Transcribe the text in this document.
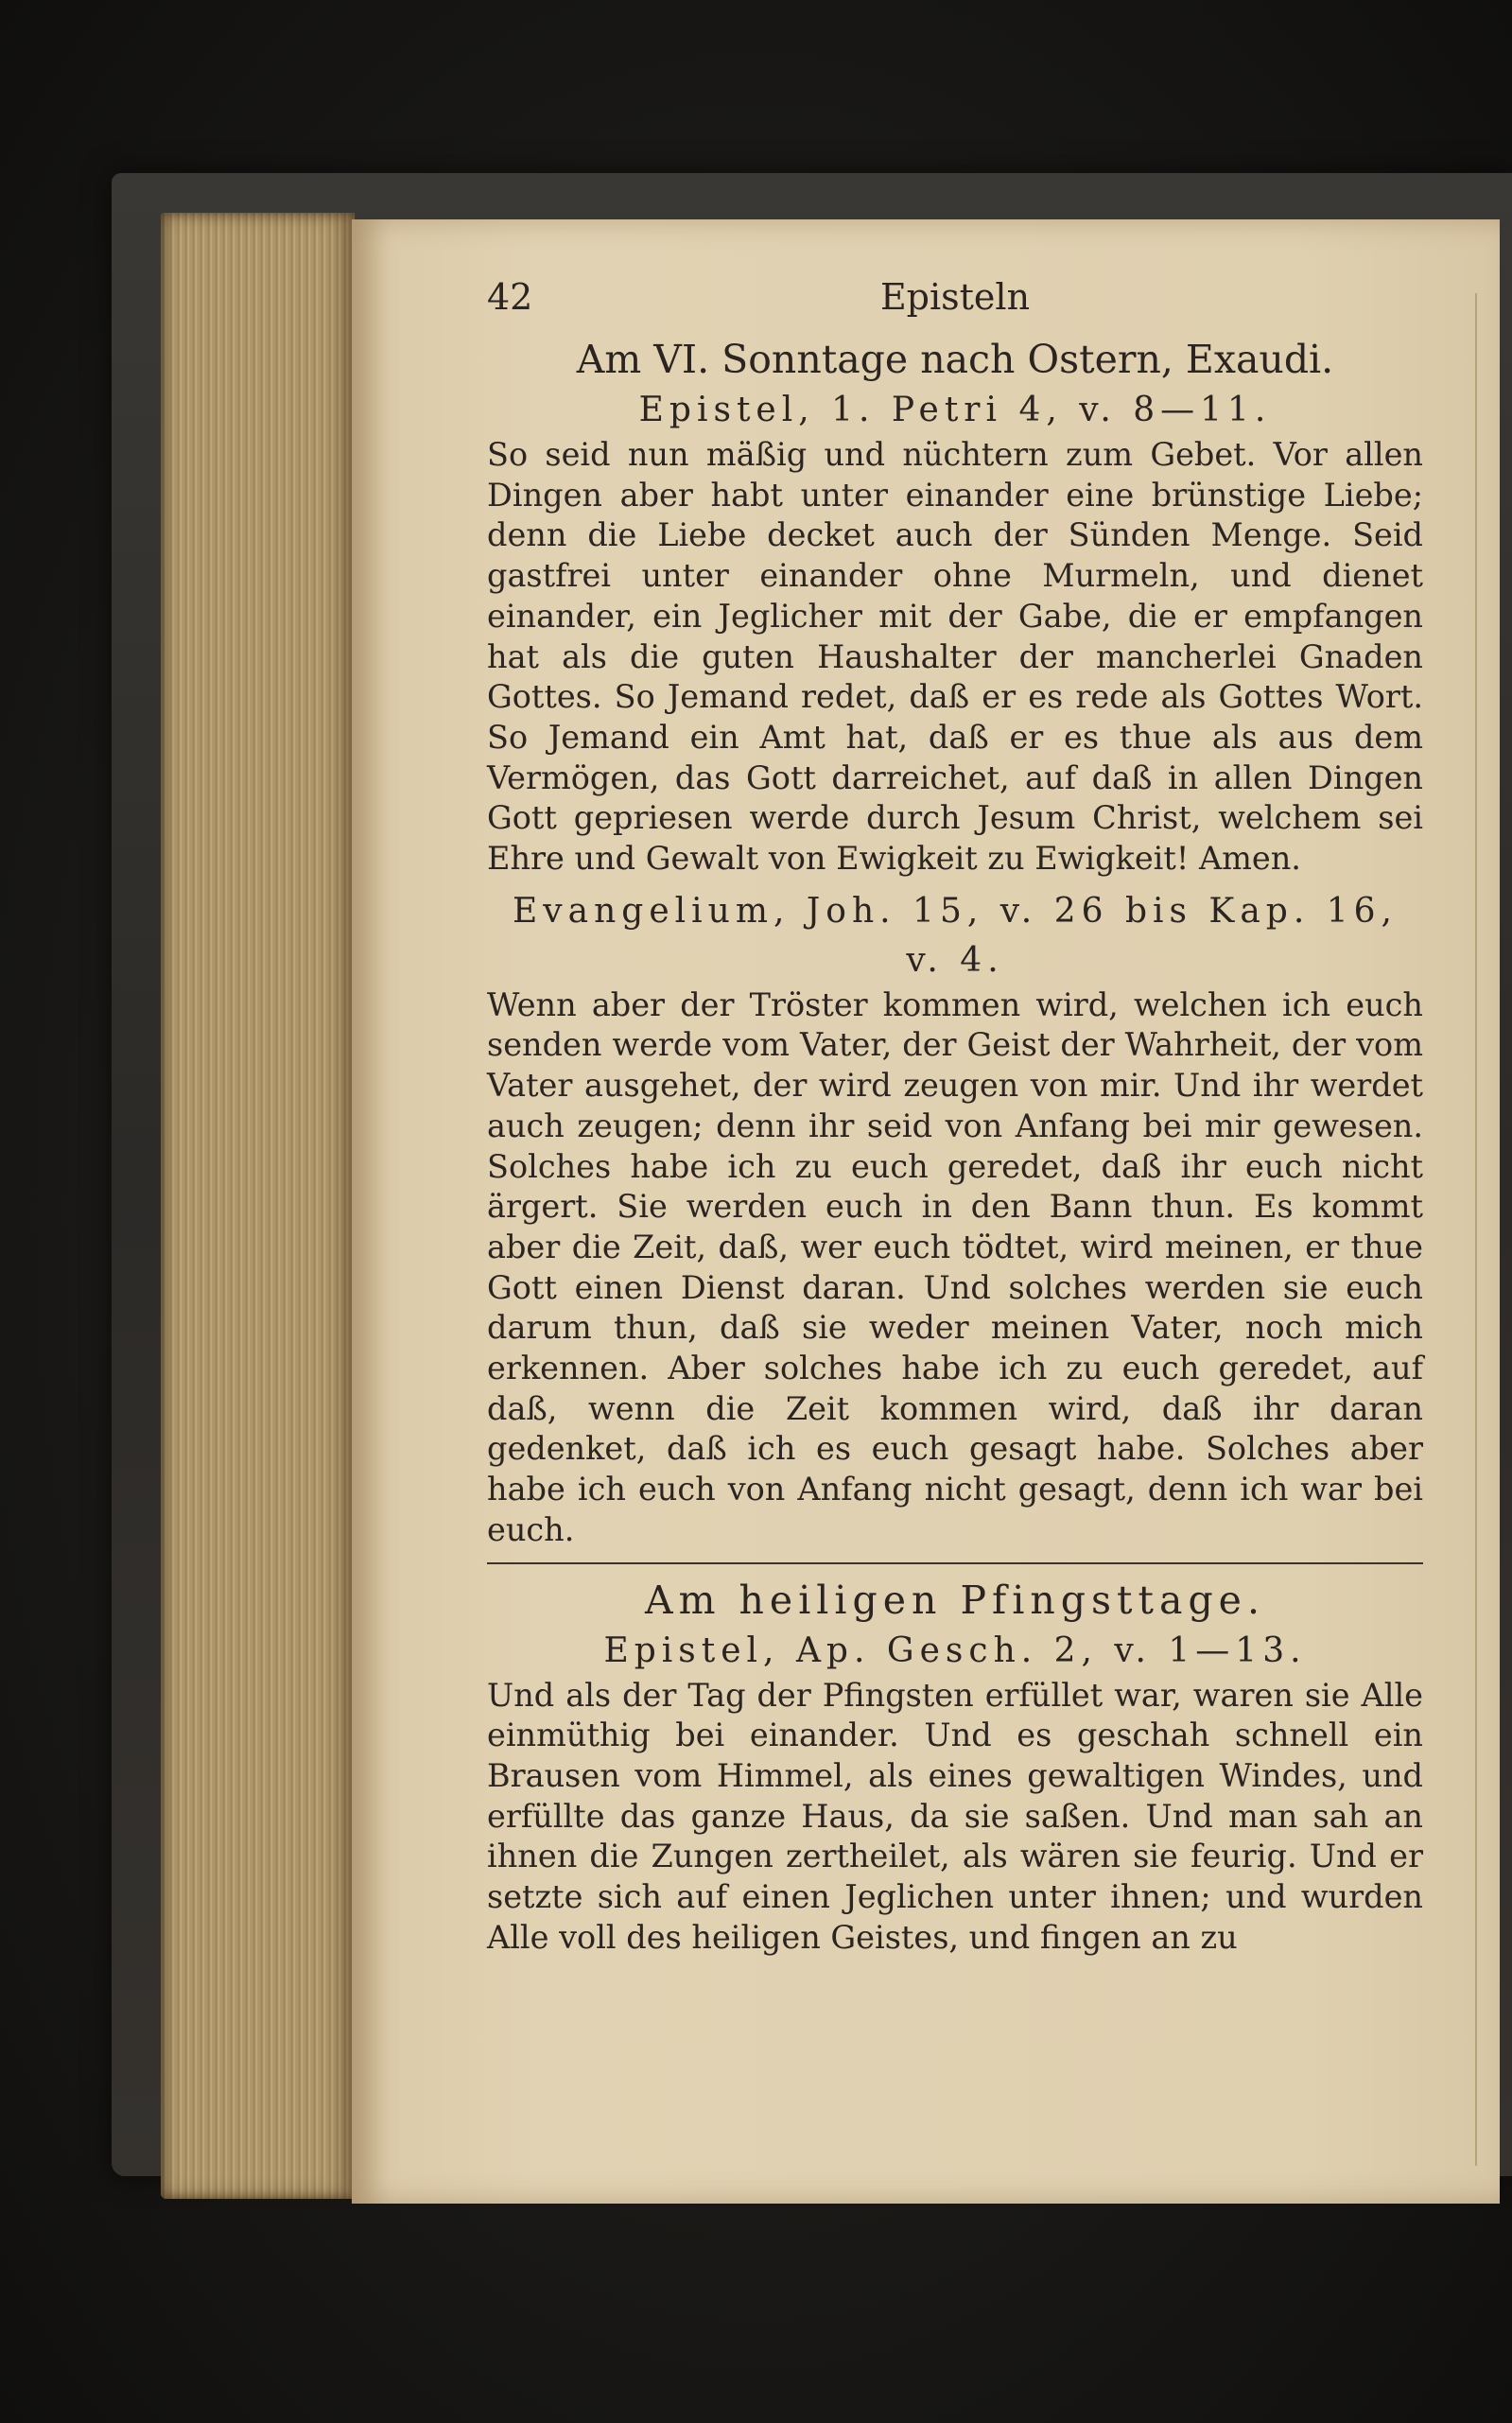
42	Episteln
Am VI. Sonntage nach Ostern, Exaudi.
Epistel, 1. Petri 4, v. 8—11.
So seid nun mäßig und nüchtern zum Gebet. Vor allen Dingen aber habt unter einander eine brünstige Liebe; denn die Liebe decket auch der Sünden Menge. Seid gastfrei unter einander ohne Murmeln, und dienet einander, ein Jeglicher mit der Gabe, die er empfangen hat als die guten Haushalter der mancherlei Gnaden Gottes. So Jemand redet, daß er es rede als Gottes Wort. So Jemand ein Amt hat, daß er es thue als aus dem Vermögen, das Gott darreichet, auf daß in allen Dingen Gott gepriesen werde durch Jesum Christ, welchem sei Ehre und Gewalt von Ewigkeit zu Ewigkeit! Amen.
Evangelium, Joh. 15, v. 26 bis Kap. 16, v. 4.
Wenn aber der Tröster kommen wird, welchen ich euch senden werde vom Vater, der Geist der Wahrheit, der vom Vater ausgehet, der wird zeugen von mir. Und ihr werdet auch zeugen; denn ihr seid von Anfang bei mir gewesen. Solches habe ich zu euch geredet, daß ihr euch nicht ärgert. Sie werden euch in den Bann thun. Es kommt aber die Zeit, daß, wer euch tödtet, wird meinen, er thue Gott einen Dienst daran. Und solches werden sie euch darum thun, daß sie weder meinen Vater, noch mich erkennen. Aber solches habe ich zu euch geredet, auf daß, wenn die Zeit kommen wird, daß ihr daran gedenket, daß ich es euch gesagt habe. Solches aber habe ich euch von Anfang nicht gesagt, denn ich war bei euch.
Am heiligen Pfingsttage.
Epistel, Ap. Gesch. 2, v. 1—13.
Und als der Tag der Pfingsten erfüllet war, waren sie Alle einmüthig bei einander. Und es geschah schnell ein Brausen vom Himmel, als eines gewaltigen Windes, und erfüllte das ganze Haus, da sie saßen. Und man sah an ihnen die Zungen zertheilet, als wären sie feurig. Und er setzte sich auf einen Jeglichen unter ihnen; und wurden Alle voll des heiligen Geistes, und fingen an zu
